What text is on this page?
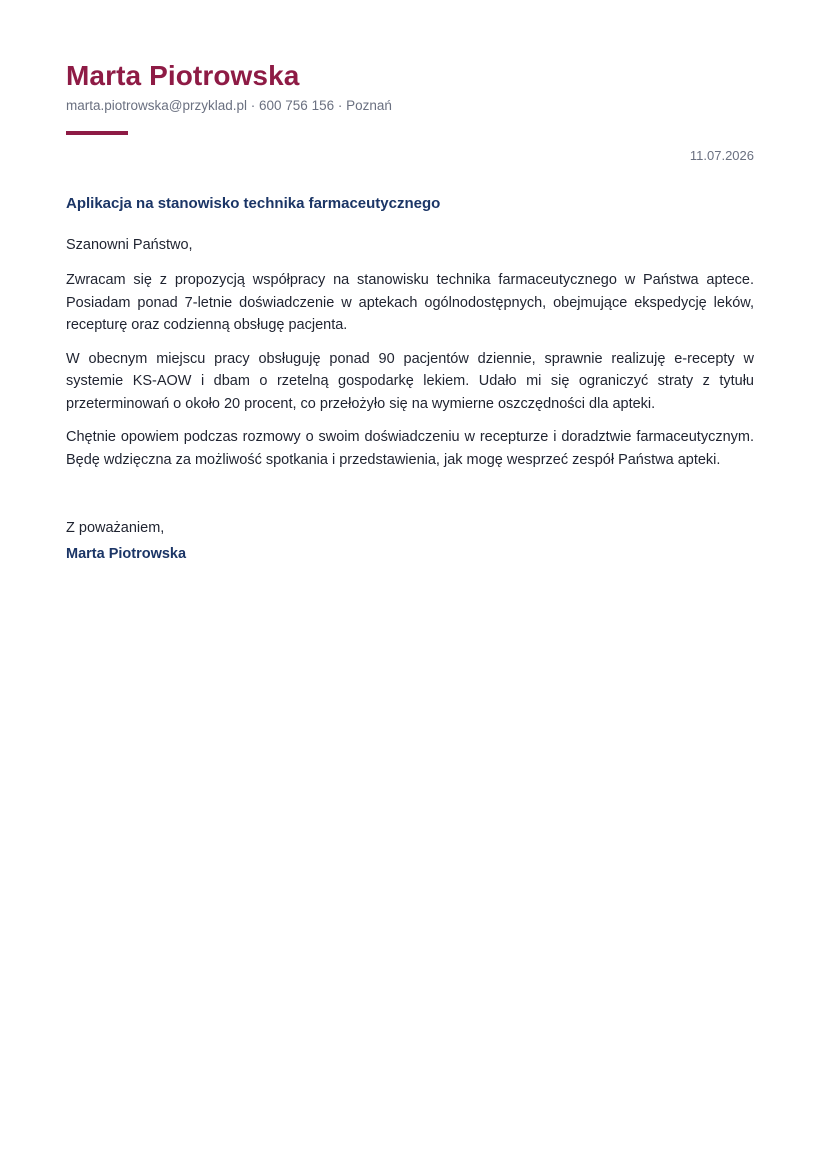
Marta Piotrowska
marta.piotrowska@przyklad.pl · 600 756 156 · Poznań
11.07.2026
Aplikacja na stanowisko technika farmaceutycznego
Szanowni Państwo,

Zwracam się z propozycją współpracy na stanowisku technika farmaceutycznego w Państwa aptece. Posiadam ponad 7-letnie doświadczenie w aptekach ogólnodostępnych, obejmujące ekspedycję leków, recepturę oraz codzienną obsługę pacjenta.

W obecnym miejscu pracy obsługuję ponad 90 pacjentów dziennie, sprawnie realizuję e-recepty w systemie KS-AOW i dbam o rzetelną gospodarkę lekiem. Udało mi się ograniczyć straty z tytułu przeterminowań o około 20 procent, co przełożyło się na wymierne oszczędności dla apteki.

Chętnie opowiem podczas rozmowy o swoim doświadczeniu w recepturze i doradztwie farmaceutycznym. Będę wdzięczna za możliwość spotkania i przedstawienia, jak mogę wesprzeć zespół Państwa apteki.

Z poważaniem,
Marta Piotrowska
